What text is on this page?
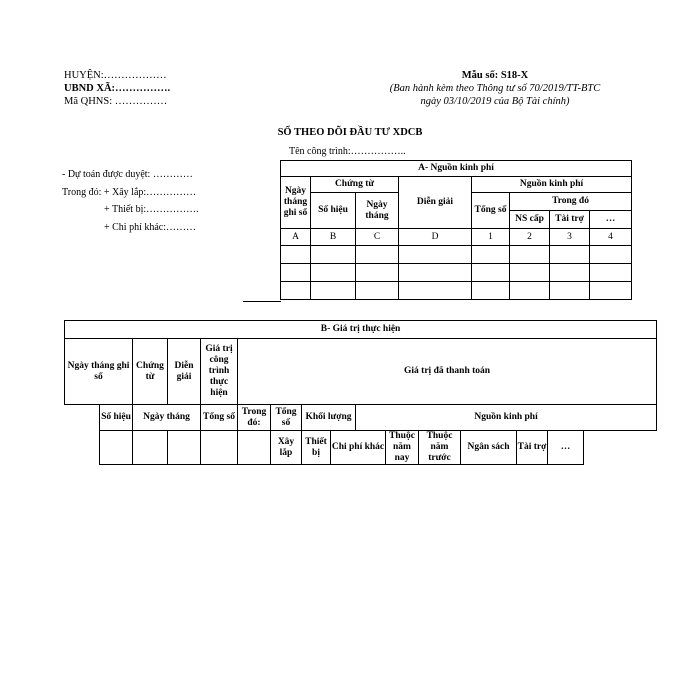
HUYỆN:………………
UBND XÃ:…………….
Mã QHNS: ……………
Mẫu số: S18-X
(Ban hành kèm theo Thông tư số 70/2019/TT-BTC
ngày 03/10/2019 của Bộ Tài chính)
SỔ THEO DÕI ĐẦU TƯ XDCB
Tên công trình:……………..
- Dự toán được duyệt: …………
Trong đó: + Xây lắp:……………
+ Thiết bị:…………….
+ Chi phí khác:………
A- Nguồn kinh phí							
Ngày tháng ghi sổ	Chứng từ		Diễn giải	Nguồn kinh phí			
	Số hiệu	Ngày tháng		Tổng số	Trong đó		
					NS cấp	Tài trợ	…
A	B	C	D	1	2	3	4

B- Giá trị thực hiện															
Ngày tháng ghi sổ		Chứng từ	Diễn giải	Giá trị công trình thực hiện	Giá trị đã thanh toán										
	Số hiệu	Ngày tháng		Tổng số	Trong đó:	Tổng số	Khối lượng		Nguồn kinh phí						
						Xây lắp	Thiết bị	Chi phí khác		Thuộc năm nay	Thuộc năm trước	Ngân sách	Tài trợ	…	
